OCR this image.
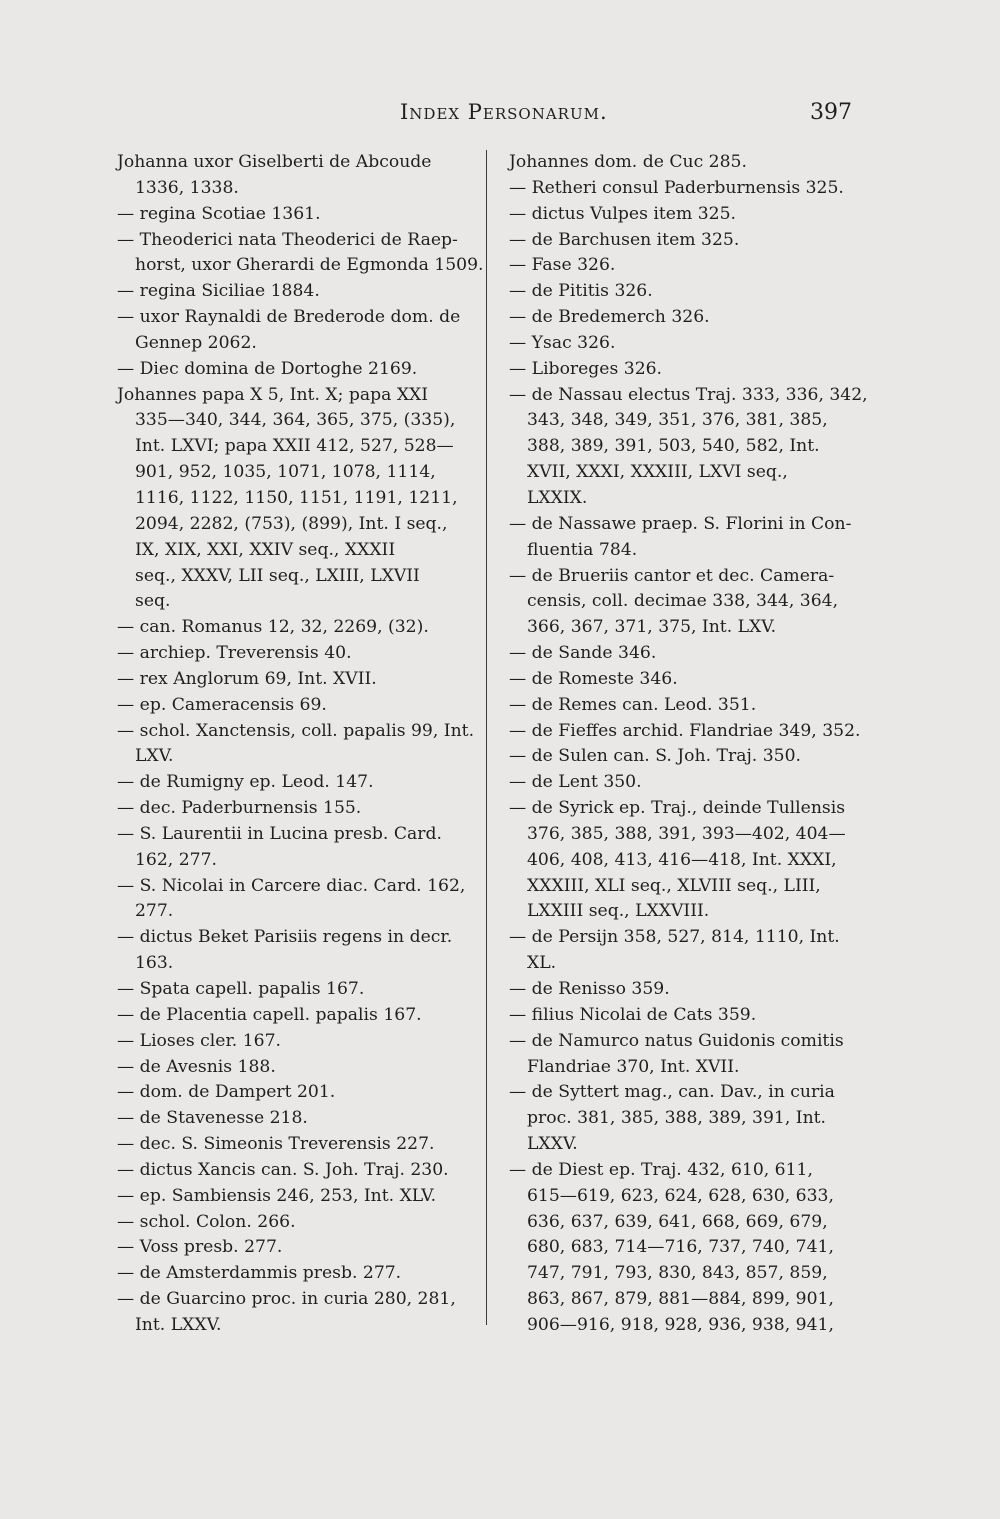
Index Personarum.	397
Johanna uxor Giselberti de Abcoude
1336, 1338.
— regina Scotiae 1361.
— Theoderici nata Theoderici de Raep-
horst, uxor Gherardi de Egmonda 1509.
— regina Siciliae 1884.
— uxor Raynaldi de Brederode dom. de
Gennep 2062.
— Diec domina de Dortoghe 2169.
Johannes papa X 5, Int. X; papa XXI
335—340, 344, 364, 365, 375, (335),
Int. LXVI; papa XXII 412, 527, 528—
901, 952, 1035, 1071, 1078, 1114,
1116, 1122, 1150, 1151, 1191, 1211,
2094, 2282, (753), (899), Int. I seq.,
IX, XIX, XXI, XXIV seq., XXXII
seq., XXXV, LII seq., LXIII, LXVII
seq.
— can. Romanus 12, 32, 2269, (32).
— archiep. Treverensis 40.
— rex Anglorum 69, Int. XVII.
— ep. Cameracensis 69.
— schol. Xanctensis, coll. papalis 99, Int.
LXV.
— de Rumigny ep. Leod. 147.
— dec. Paderburnensis 155.
— S. Laurentii in Lucina presb. Card.
162, 277.
— S. Nicolai in Carcere diac. Card. 162,
277.
— dictus Beket Parisiis regens in decr.
163.
— Spata capell. papalis 167.
— de Placentia capell. papalis 167.
— Lioses cler. 167.
— de Avesnis 188.
— dom. de Dampert 201.
— de Stavenesse 218.
— dec. S. Simeonis Treverensis 227.
— dictus Xancis can. S. Joh. Traj. 230.
— ep. Sambiensis 246, 253, Int. XLV.
— schol. Colon. 266.
— Voss presb. 277.
— de Amsterdammis presb. 277.
— de Guarcino proc. in curia 280, 281,
Int. LXXV.
Johannes dom. de Cuc 285.
— Retheri consul Paderburnensis 325.
— dictus Vulpes item 325.
— de Barchusen item 325.
— Fase 326.
— de Pititis 326.
— de Bredemerch 326.
— Ysac 326.
— Liboreges 326.
— de Nassau electus Traj. 333, 336, 342,
343, 348, 349, 351, 376, 381, 385,
388, 389, 391, 503, 540, 582, Int.
XVII, XXXI, XXXIII, LXVI seq.,
LXXIX.
— de Nassawe praep. S. Florini in Con-
fluentia 784.
— de Brueriis cantor et dec. Camera-
censis, coll. decimae 338, 344, 364,
366, 367, 371, 375, Int. LXV.
— de Sande 346.
— de Romeste 346.
— de Remes can. Leod. 351.
— de Fieffes archid. Flandriae 349, 352.
— de Sulen can. S. Joh. Traj. 350.
— de Lent 350.
— de Syrick ep. Traj., deinde Tullensis
376, 385, 388, 391, 393—402, 404—
406, 408, 413, 416—418, Int. XXXI,
XXXIII, XLI seq., XLVIII seq., LIII,
LXXIII seq., LXXVIII.
— de Persijn 358, 527, 814, 1110, Int.
XL.
— de Renisso 359.
— filius Nicolai de Cats 359.
— de Namurco natus Guidonis comitis
Flandriae 370, Int. XVII.
— de Syttert mag., can. Dav., in curia
proc. 381, 385, 388, 389, 391, Int.
LXXV.
— de Diest ep. Traj. 432, 610, 611,
615—619, 623, 624, 628, 630, 633,
636, 637, 639, 641, 668, 669, 679,
680, 683, 714—716, 737, 740, 741,
747, 791, 793, 830, 843, 857, 859,
863, 867, 879, 881—884, 899, 901,
906—916, 918, 928, 936, 938, 941,
